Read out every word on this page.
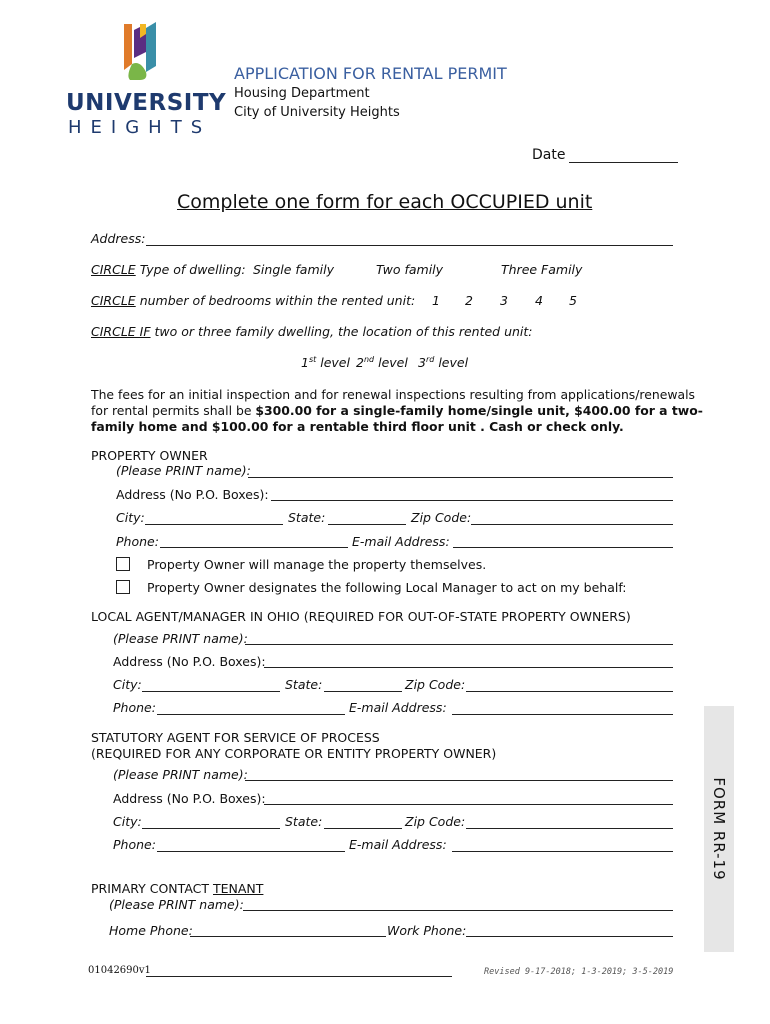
UNIVERSITY
HEIGHTS
APPLICATION FOR RENTAL PERMIT
Housing Department
City of University Heights
Date
Complete one form for each OCCUPIED unit
Address:
CIRCLE Type of dwelling: Single family	Two family	Three Family
CIRCLE number of bedrooms within the rented unit: 1 2 3 4 5
CIRCLE IF two or three family dwelling, the location of this rented unit:
1st level 2nd level 3rd level
The fees for an initial inspection and for renewal inspections resulting from applications/renewals
for rental permits shall be $300.00 for a single-family home/single unit, $400.00 for a two-
family home and $100.00 for a rentable third floor unit . Cash or check only.
PROPERTY OWNER
(Please PRINT name):
Address (No P.O. Boxes):
City:	State:	Zip Code:
Phone:	E-mail Address:
Property Owner will manage the property themselves.
Property Owner designates the following Local Manager to act on my behalf:
LOCAL AGENT/MANAGER IN OHIO (REQUIRED FOR OUT-OF-STATE PROPERTY OWNERS)
(Please PRINT name):
Address (No P.O. Boxes):
City:	State:	Zip Code:
Phone:	E-mail Address:
STATUTORY AGENT FOR SERVICE OF PROCESS
(REQUIRED FOR ANY CORPORATE OR ENTITY PROPERTY OWNER)
(Please PRINT name):
Address (No P.O. Boxes):
City:	State:	Zip Code:
Phone:	E-mail Address:
PRIMARY CONTACT TENANT
(Please PRINT name):
Home Phone:	Work Phone:
FORM RR-19
01042690v1	Revised 9-17-2018; 1-3-2019; 3-5-2019
